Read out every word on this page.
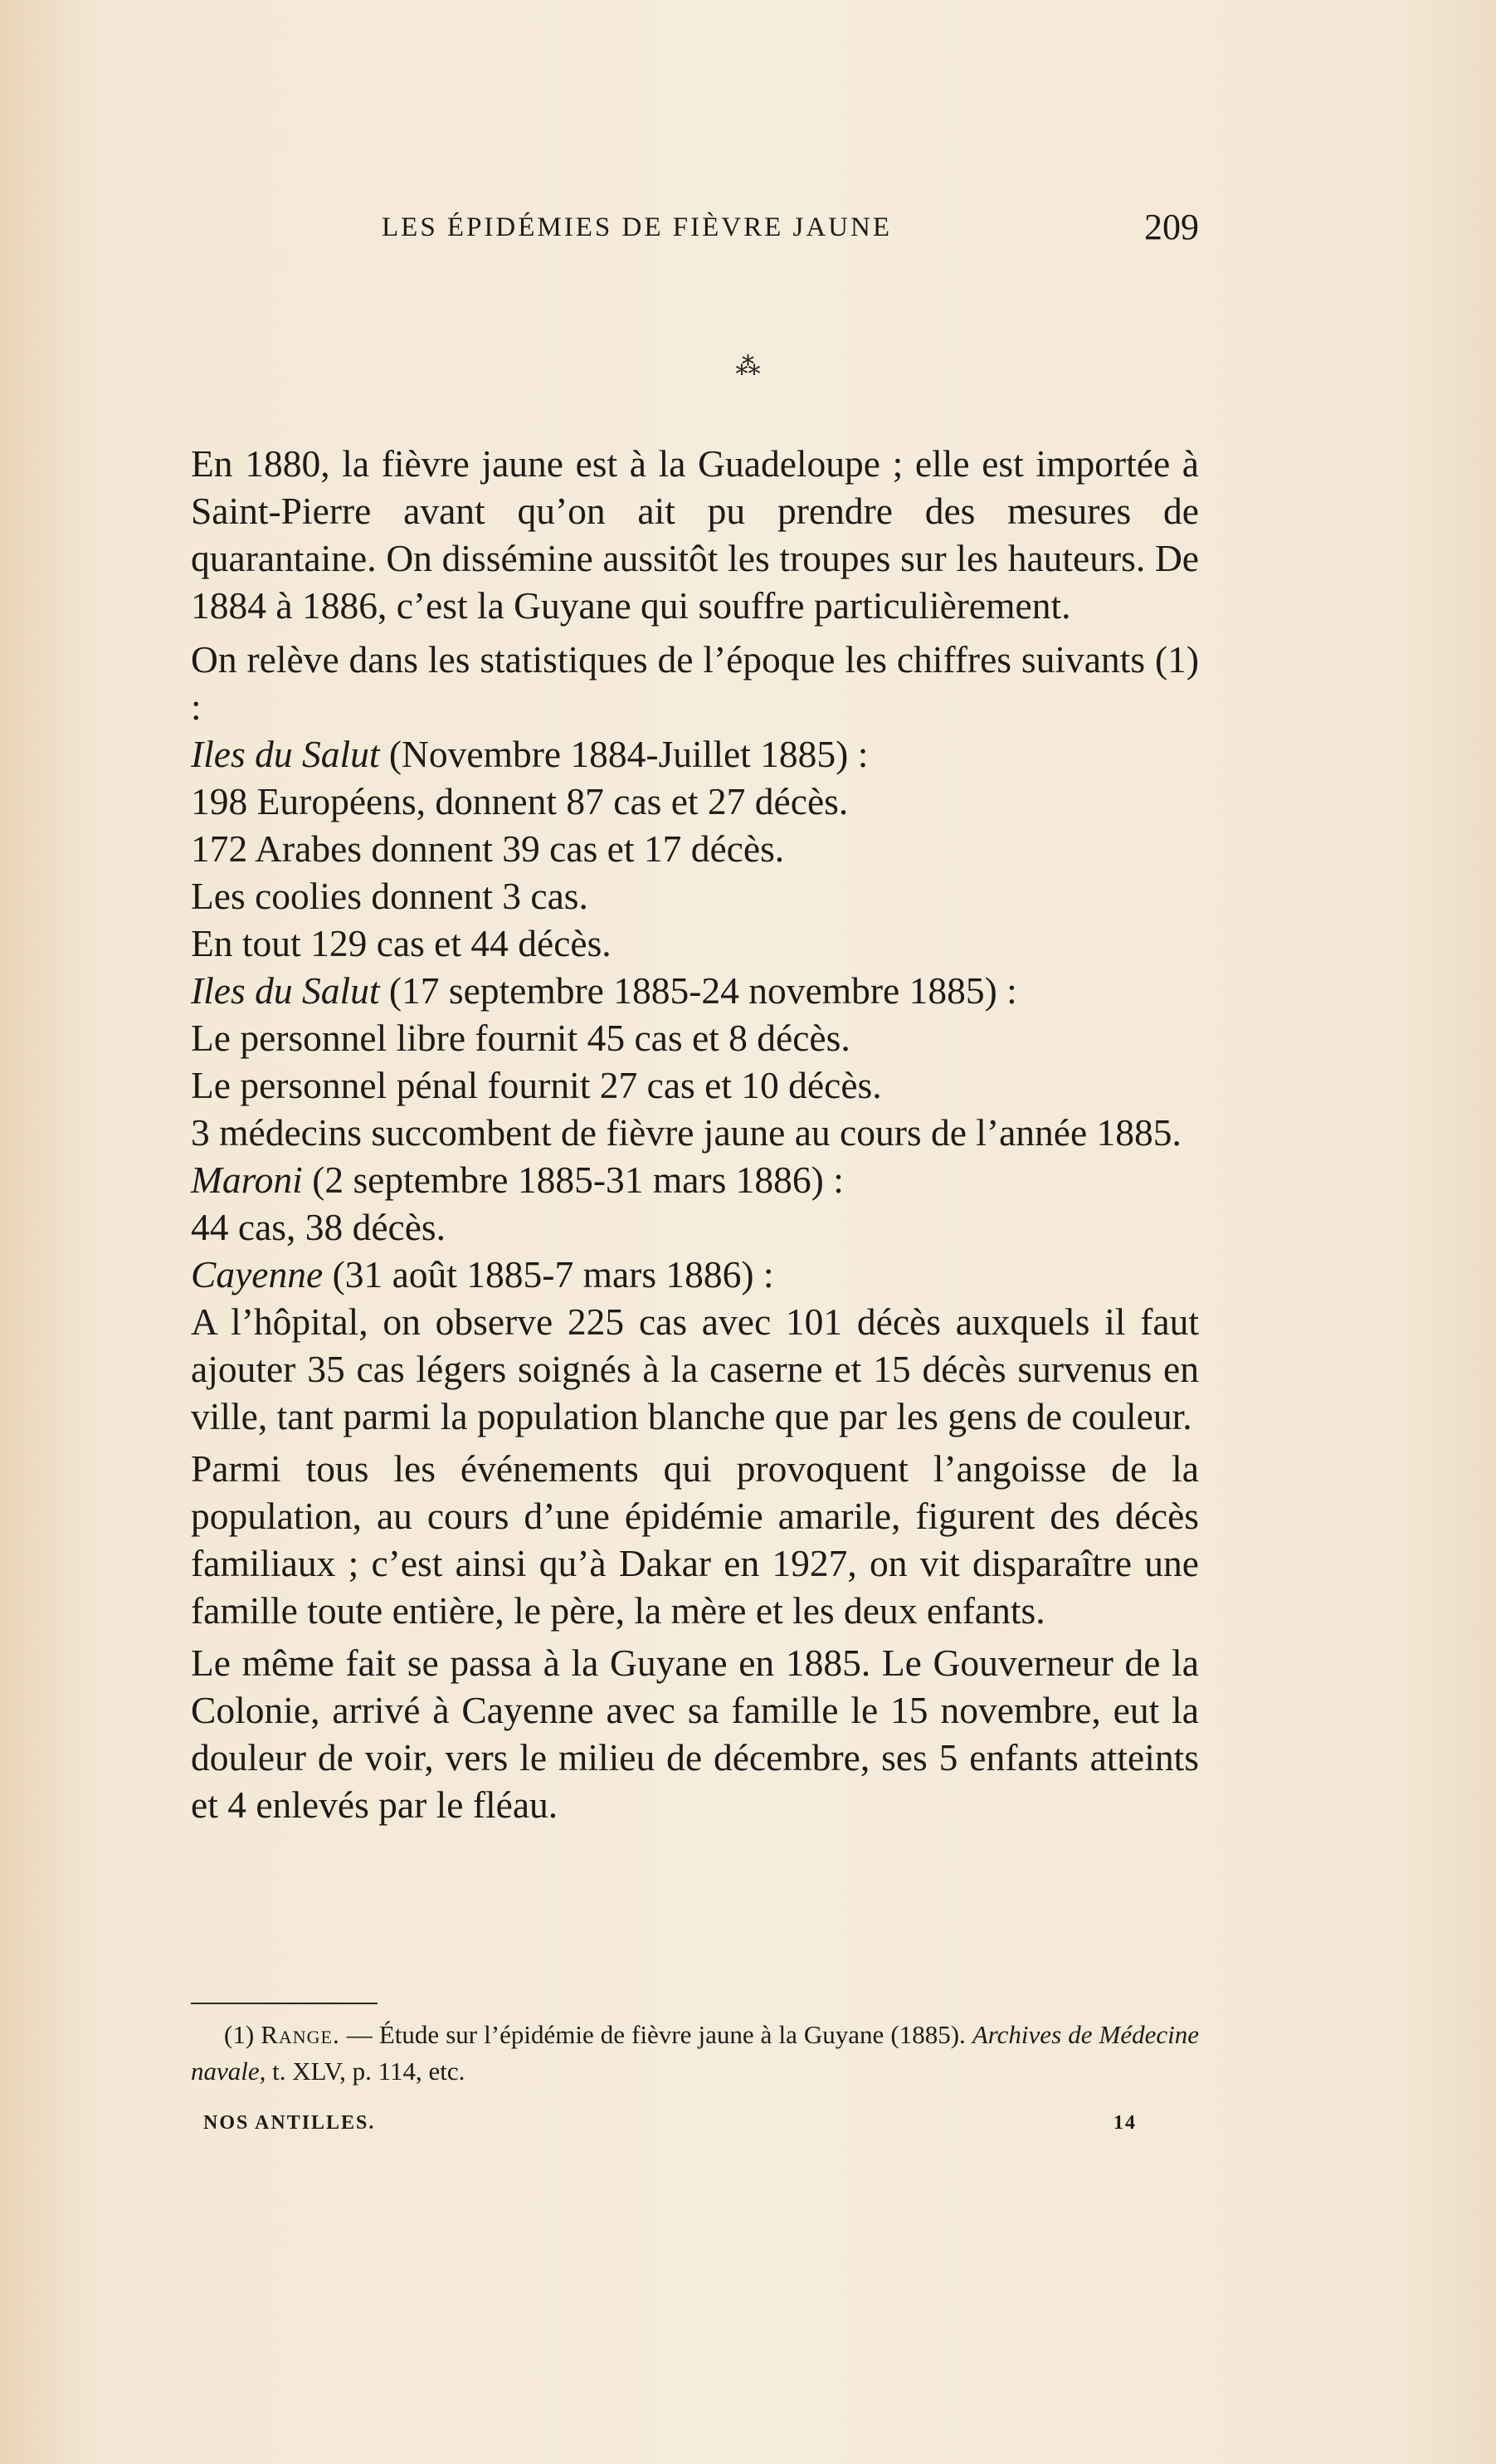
LES ÉPIDÉMIES DE FIÈVRE JAUNE	209
⁂

En 1880, la fièvre jaune est à la Guadeloupe ; elle est importée à Saint-Pierre avant qu’on ait pu prendre des mesures de quarantaine. On dissémine aussitôt les troupes sur les hauteurs. De 1884 à 1886, c’est la Guyane qui souffre particulièrement.

On relève dans les statistiques de l’époque les chiffres suivants (1) :

Iles du Salut (Novembre 1884-Juillet 1885) :
198 Européens, donnent 87 cas et 27 décès.
172 Arabes donnent 39 cas et 17 décès.
Les coolies donnent 3 cas.
En tout 129 cas et 44 décès.
Iles du Salut (17 septembre 1885-24 novembre 1885) :
Le personnel libre fournit 45 cas et 8 décès.
Le personnel pénal fournit 27 cas et 10 décès.

3 médecins succombent de fièvre jaune au cours de l’année 1885.

Maroni (2 septembre 1885-31 mars 1886) :
44 cas, 38 décès.
Cayenne (31 août 1885-7 mars 1886) :

A l’hôpital, on observe 225 cas avec 101 décès auxquels il faut ajouter 35 cas légers soignés à la caserne et 15 décès survenus en ville, tant parmi la population blanche que par les gens de couleur.

Parmi tous les événements qui provoquent l’angoisse de la population, au cours d’une épidémie amarile, figurent des décès familiaux ; c’est ainsi qu’à Dakar en 1927, on vit disparaître une famille toute entière, le père, la mère et les deux enfants.

Le même fait se passa à la Guyane en 1885. Le Gouverneur de la Colonie, arrivé à Cayenne avec sa famille le 15 novembre, eut la douleur de voir, vers le milieu de décembre, ses 5 enfants atteints et 4 enlevés par le fléau.

(1) Range. — Étude sur l’épidémie de fièvre jaune à la Guyane (1885). Archives de Médecine navale, t. XLV, p. 114, etc.

NOS ANTILLES.	14
